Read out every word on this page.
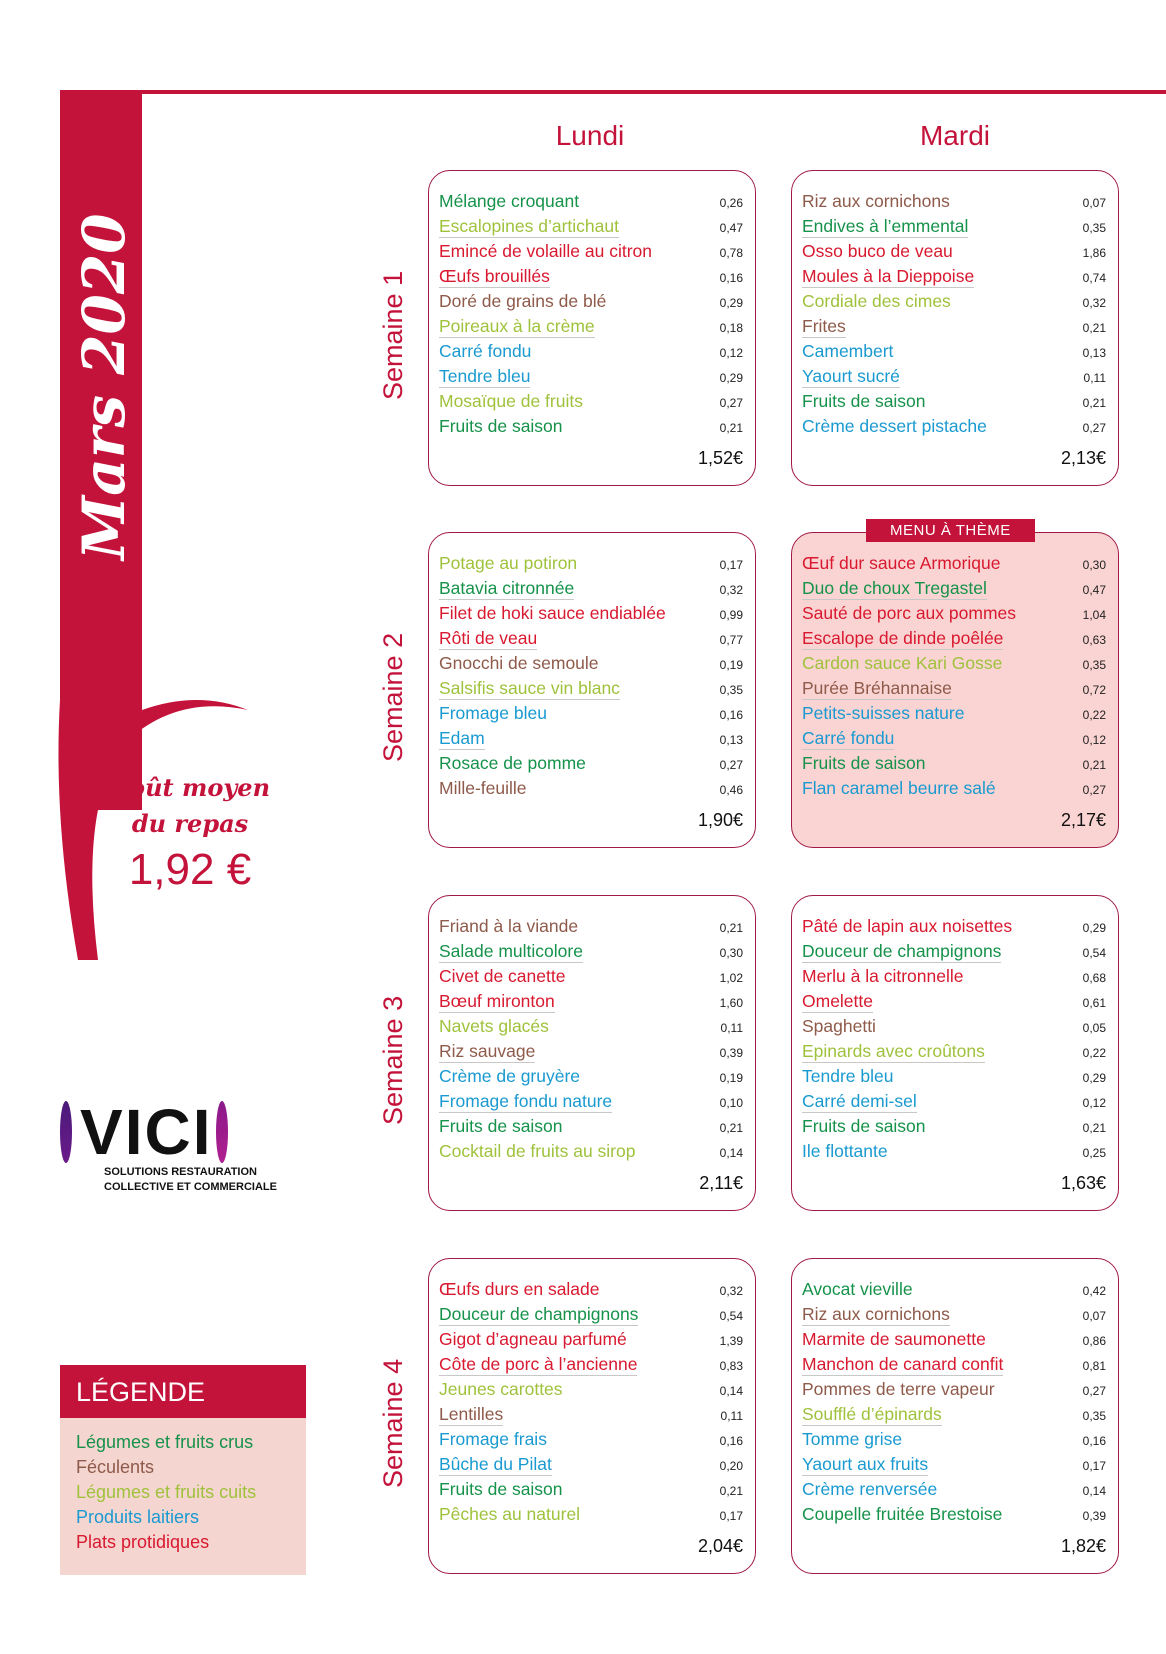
Mars 2020
Coût moyen
du repas
1,92 €
VICI
SOLUTIONS RESTAURATION
COLLECTIVE ET COMMERCIALE
LÉGENDE
Légumes et fruits crus
Féculents
Légumes et fruits cuits
Produits laitiers
Plats protidiques
Lundi	Mardi
Semaine 1
Mélange croquant	0,26
Escalopines d’artichaut	0,47
Emincé de volaille au citron	0,78
Œufs brouillés	0,16
Doré de grains de blé	0,29
Poireaux à la crème	0,18
Carré fondu	0,12
Tendre bleu	0,29
Mosaïque de fruits	0,27
Fruits de saison	0,21
1,52€
Riz aux cornichons	0,07
Endives à l’emmental	0,35
Osso buco de veau	1,86
Moules à la Dieppoise	0,74
Cordiale des cimes	0,32
Frites	0,21
Camembert	0,13
Yaourt sucré	0,11
Fruits de saison	0,21
Crème dessert pistache	0,27
2,13€
Semaine 2
Potage au potiron	0,17
Batavia citronnée	0,32
Filet de hoki sauce endiablée	0,99
Rôti de veau	0,77
Gnocchi de semoule	0,19
Salsifis sauce vin blanc	0,35
Fromage bleu	0,16
Edam	0,13
Rosace de pomme	0,27
Mille-feuille	0,46
1,90€
MENU À THÈME
Œuf dur sauce Armorique	0,30
Duo de choux Tregastel	0,47
Sauté de porc aux pommes	1,04
Escalope de dinde poêlée	0,63
Cardon sauce Kari Gosse	0,35
Purée Bréhannaise	0,72
Petits-suisses nature	0,22
Carré fondu	0,12
Fruits de saison	0,21
Flan caramel beurre salé	0,27
2,17€
Semaine 3
Friand à la viande	0,21
Salade multicolore	0,30
Civet de canette	1,02
Bœuf mironton	1,60
Navets glacés	0,11
Riz sauvage	0,39
Crème de gruyère	0,19
Fromage fondu nature	0,10
Fruits de saison	0,21
Cocktail de fruits au sirop	0,14
2,11€
Pâté de lapin aux noisettes	0,29
Douceur de champignons	0,54
Merlu à la citronnelle	0,68
Omelette	0,61
Spaghetti	0,05
Epinards avec croûtons	0,22
Tendre bleu	0,29
Carré demi-sel	0,12
Fruits de saison	0,21
Ile flottante	0,25
1,63€
Semaine 4
Œufs durs en salade	0,32
Douceur de champignons	0,54
Gigot d’agneau parfumé	1,39
Côte de porc à l’ancienne	0,83
Jeunes carottes	0,14
Lentilles	0,11
Fromage frais	0,16
Bûche du Pilat	0,20
Fruits de saison	0,21
Pêches au naturel	0,17
2,04€
Avocat vieville	0,42
Riz aux cornichons	0,07
Marmite de saumonette	0,86
Manchon de canard confit	0,81
Pommes de terre vapeur	0,27
Soufflé d’épinards	0,35
Tomme grise	0,16
Yaourt aux fruits	0,17
Crème renversée	0,14
Coupelle fruitée Brestoise	0,39
1,82€
